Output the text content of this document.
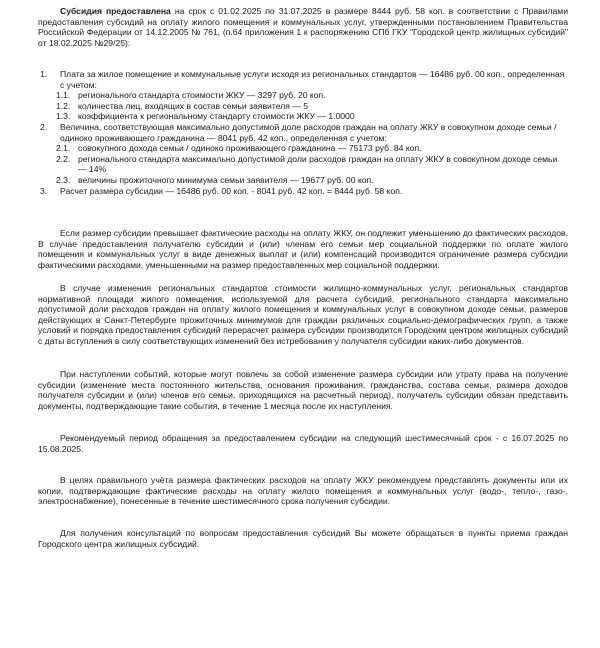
Субсидия предоставлена на срок с 01.02.2025 по 31.07.2025 в размере 8444 руб. 58 коп. в соответствии с Правилами предоставления субсидий на оплату жилого помещения и коммунальных услуг, утвержденными постановлением Правительства Российской Федерации от 14.12.2005 № 761, (п.64 приложения 1 к распоряжению СПб ГКУ "Городской центр жилищных субсидий" от 18.02.2025 №29/25):
1. Плата за жилое помещение и коммунальные услуги исходя из региональных стандартов — 16486 руб. 00 коп., определенная с учетом:
1.1. регионального стандарта стоимости ЖКУ — 3297 руб. 20 коп.
1.2. количества лиц, входящих в состав семьи заявителя — 5
1.3. коэффициента к региональному стандарту стоимости ЖКУ — 1.0000
2. Величина, соответствующая максимально допустимой доле расходов граждан на оплату ЖКУ в совокупном доходе семьи / одиноко проживающего гражданина — 8041 руб. 42 коп., определенная с учетом:
2.1. совокупного дохода семьи / одиноко проживающего гражданина — 75173 руб. 84 коп.
2.2. регионального стандарта максимально допустимой доли расходов граждан на оплату ЖКУ в совокупном доходе семьи — 14%
2.3. величины прожиточного минимума семьи заявителя — 19677 руб. 00 коп.
3. Расчет размера субсидии — 16486 руб. 00 коп. - 8041 руб. 42 коп. = 8444 руб. 58 коп.
Если размер субсидии превышает фактические расходы на оплату ЖКУ, он подлежит уменьшению до фактических расходов. В случае предоставления получателю субсидии и (или) членам его семьи мер социальной поддержки по оплате жилого помещения и коммунальных услуг в виде денежных выплат и (или) компенсаций производится ограничение размера субсидии фактическими расходами, уменьшенными на размер предоставленных мер социальной поддержки.
В случае изменения региональных стандартов стоимости жилищно-коммунальных услуг, региональных стандартов нормативной площади жилого помещения, используемой для расчета субсидий, регионального стандарта максимально допустимой доли расходов граждан на оплату жилого помещения и коммунальных услуг в совокупном доходе семьи, размеров действующих в Санкт-Петербурге прожиточных минимумов для граждан различных социально-демографических групп, а также условий и порядка предоставления субсидий перерасчет размера субсидии производится Городским центром жилищных субсидий с даты вступления в силу соответствующих изменений без истребования у получателя субсидии каких-либо документов.
При наступлении событий, которые могут повлечь за собой изменение размера субсидии или утрату права на получение субсидии (изменение места постоянного жительства, основания проживания, гражданства, состава семьи, размера доходов получателя субсидии и (или) членов его семьи, приходящихся на расчетный период), получатель субсидии обязан представить документы, подтверждающие такие события, в течение 1 месяца после их наступления.
Рекомендуемый период обращения за предоставлением субсидии на следующий шестимесячный срок - с 16.07.2025 по 15.08.2025.
В целях правильного учёта размера фактических расходов на оплату ЖКУ рекомендуем представлять документы или их копии, подтверждающие фактические расходы на оплату жилого помещения и коммунальных услуг (водо-, тепло-, газо-, электроснабжение), понесенные в течение шестимесячного срока получения субсидии.
Для получения консультаций по вопросам предоставления субсидий Вы можете обращаться в пункты приема граждан Городского центра жилищных субсидий.
